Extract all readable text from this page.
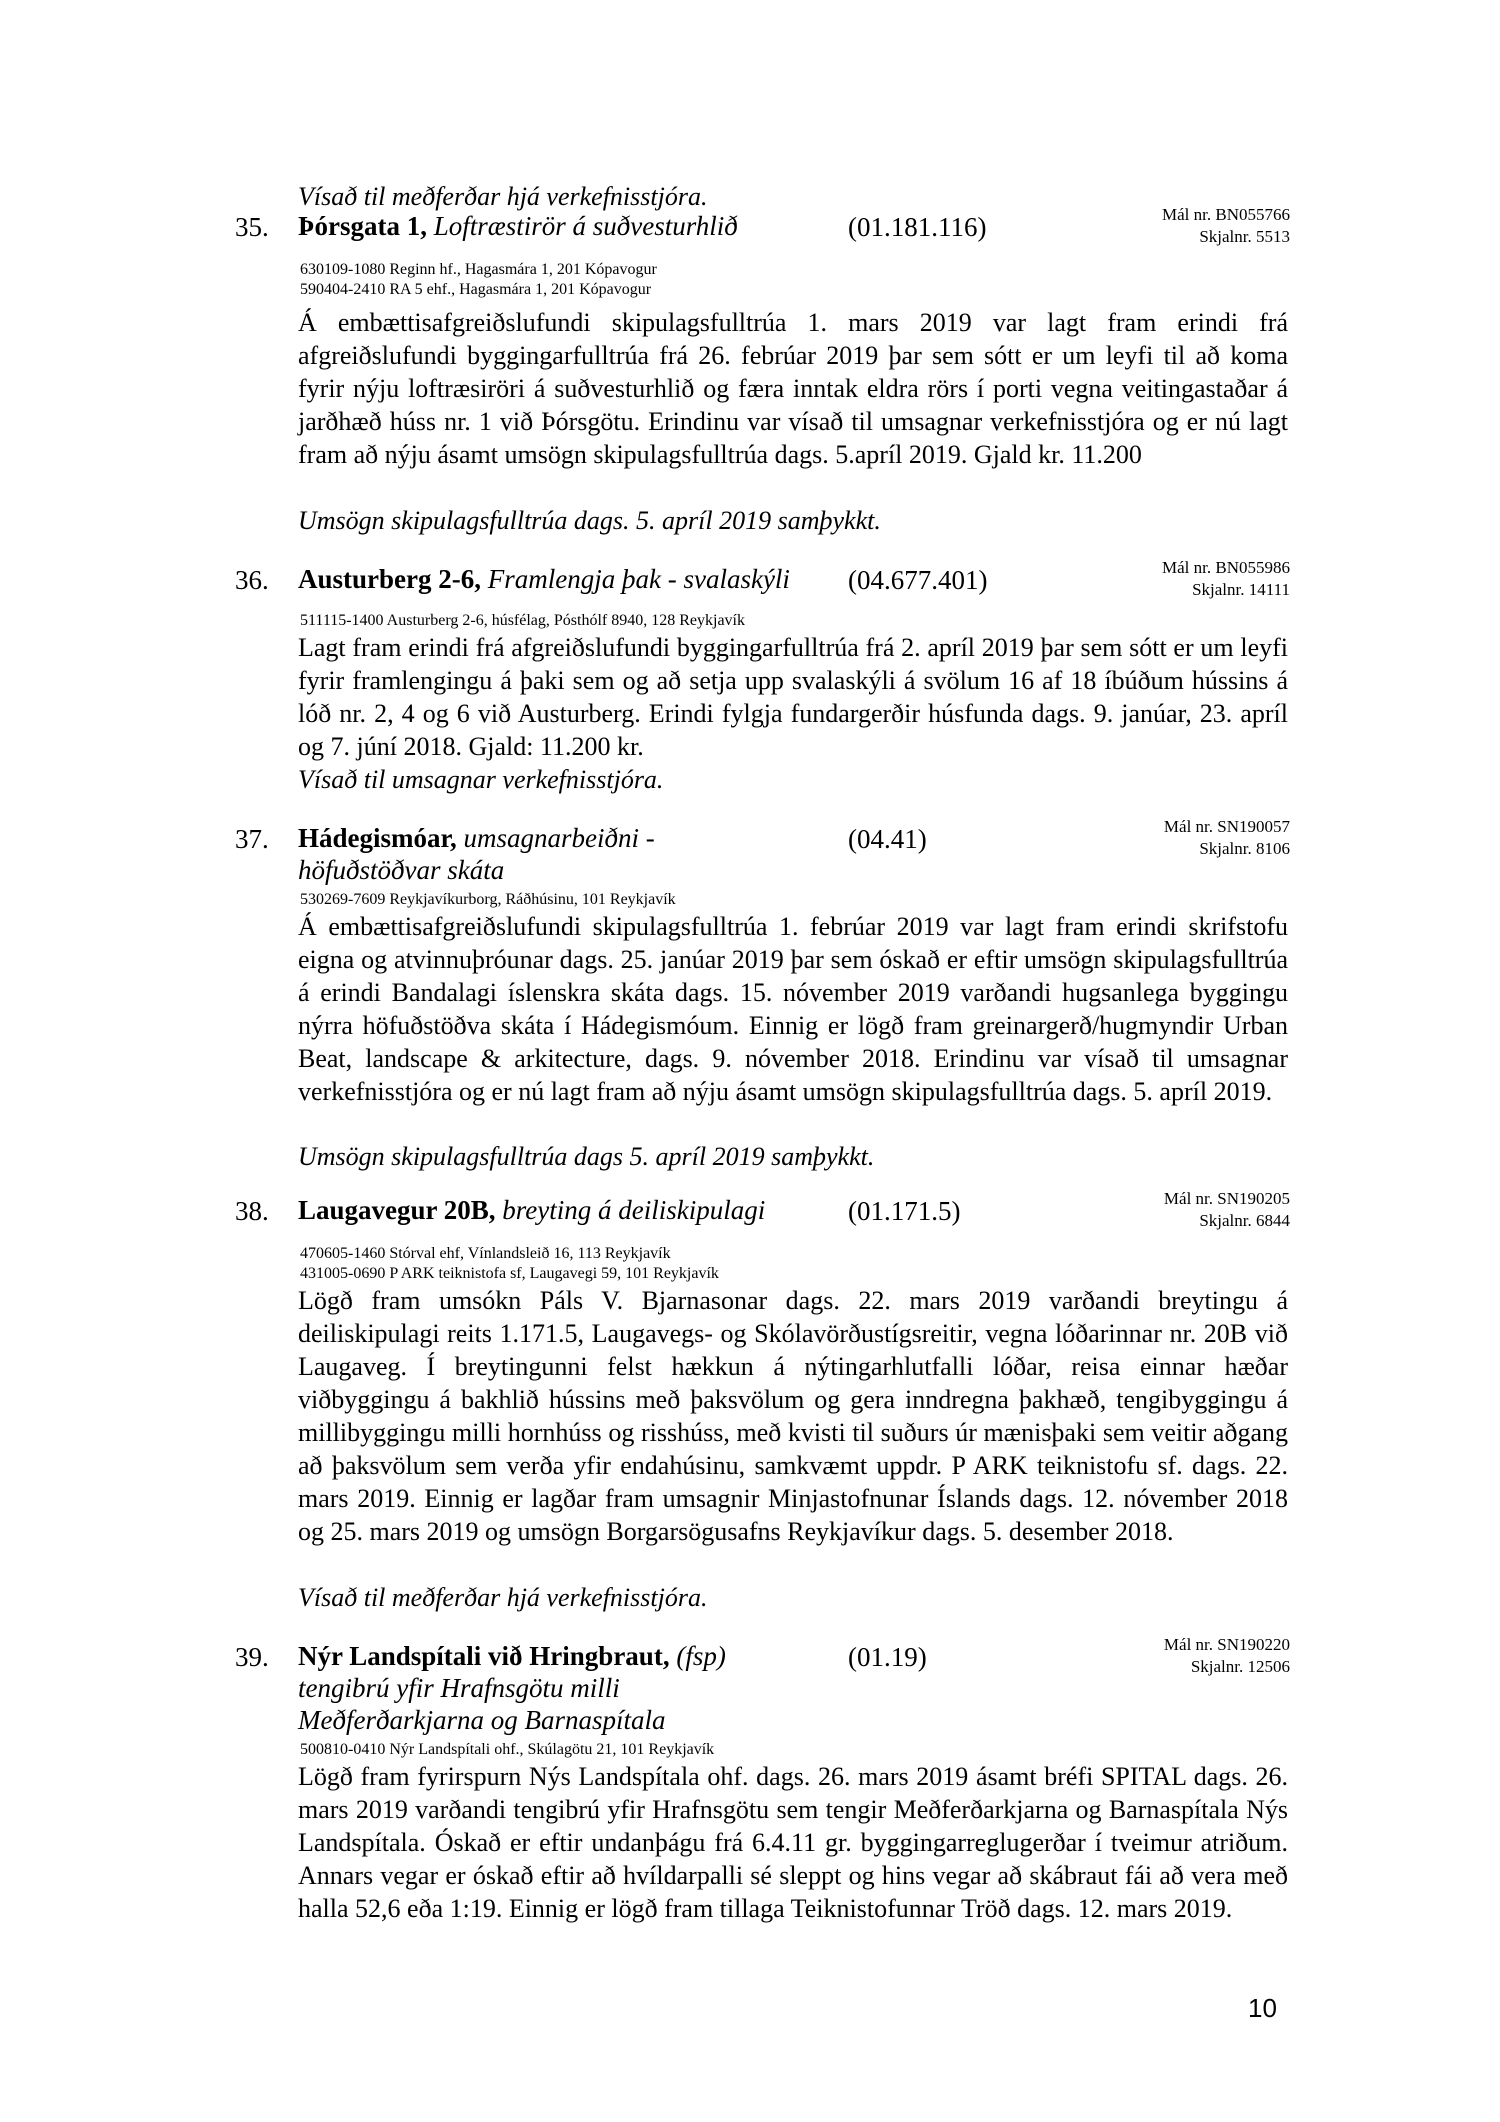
Vísað til meðferðar hjá verkefnisstjóra.
35. Þórsgata 1, Loftræstirör á suðvesturhlið	(01.181.116)	Mál nr. BN055766
Skjalnr. 5513
630109-1080 Reginn hf., Hagasmára 1, 201 Kópavogur
590404-2410 RA 5 ehf., Hagasmára 1, 201 Kópavogur
Á embættisafgreiðslufundi skipulagsfulltrúa 1. mars 2019 var lagt fram erindi frá afgreiðslufundi byggingarfulltrúa frá 26. febrúar 2019 þar sem sótt er um leyfi til að koma fyrir nýju loftræsiröri á suðvesturhlið og færa inntak eldra rörs í porti vegna veitingastaðar á jarðhæð húss nr. 1 við Þórsgötu. Erindinu var vísað til umsagnar verkefnisstjóra og er nú lagt fram að nýju ásamt umsögn skipulagsfulltrúa dags. 5.apríl 2019. Gjald kr. 11.200
Umsögn skipulagsfulltrúa dags. 5. apríl 2019 samþykkt.
36. Austurberg 2-6, Framlengja þak - svalaskýli	(04.677.401)	Mál nr. BN055986
Skjalnr. 14111
511115-1400 Austurberg 2-6, húsfélag, Pósthólf 8940, 128 Reykjavík
Lagt fram erindi frá afgreiðslufundi byggingarfulltrúa frá 2. apríl 2019 þar sem sótt er um leyfi fyrir framlengingu á þaki sem og að setja upp svalaskýli á svölum 16 af 18 íbúðum hússins á lóð nr. 2, 4 og 6 við Austurberg. Erindi fylgja fundargerðir húsfunda dags. 9. janúar, 23. apríl og 7. júní 2018. Gjald: 11.200 kr.
Vísað til umsagnar verkefnisstjóra.
37. Hádegismóar, umsagnarbeiðni -
höfuðstöðvar skáta
(04.41)	Mál nr. SN190057
Skjalnr. 8106
530269-7609 Reykjavíkurborg, Ráðhúsinu, 101 Reykjavík
Á embættisafgreiðslufundi skipulagsfulltrúa 1. febrúar 2019 var lagt fram erindi skrifstofu eigna og atvinnuþróunar dags. 25. janúar 2019 þar sem óskað er eftir umsögn skipulagsfulltrúa á erindi Bandalagi íslenskra skáta dags. 15. nóvember 2019 varðandi hugsanlega byggingu nýrra höfuðstöðva skáta í Hádegismóum. Einnig er lögð fram greinargerð/hugmyndir Urban Beat, landscape & arkitecture, dags. 9. nóvember 2018. Erindinu var vísað til umsagnar verkefnisstjóra og er nú lagt fram að nýju ásamt umsögn skipulagsfulltrúa dags. 5. apríl 2019.
Umsögn skipulagsfulltrúa dags 5. apríl 2019 samþykkt.
38. Laugavegur 20B, breyting á deiliskipulagi	(01.171.5)	Mál nr. SN190205
Skjalnr. 6844
470605-1460 Stórval ehf, Vínlandsleið 16, 113 Reykjavík
431005-0690 P ARK teiknistofa sf, Laugavegi 59, 101 Reykjavík
Lögð fram umsókn Páls V. Bjarnasonar dags. 22. mars 2019 varðandi breytingu á deiliskipulagi reits 1.171.5, Laugavegs- og Skólavörðustígsreitir, vegna lóðarinnar nr. 20B við Laugaveg. Í breytingunni felst hækkun á nýtingarhlutfalli lóðar, reisa einnar hæðar viðbyggingu á bakhlið hússins með þaksvölum og gera inndregna þakhæð, tengibyggingu á millibyggingu milli hornhúss og risshúss, með kvisti til suðurs úr mænisþaki sem veitir aðgang að þaksvölum sem verða yfir endahúsinu, samkvæmt uppdr. P ARK teiknistofu sf. dags. 22. mars 2019. Einnig er lagðar fram umsagnir Minjastofnunar Íslands dags. 12. nóvember 2018 og 25. mars 2019 og umsögn Borgarsögusafns Reykjavíkur dags. 5. desember 2018.
Vísað til meðferðar hjá verkefnisstjóra.
39. Nýr Landspítali við Hringbraut, (fsp)
tengibrú yfir Hrafnsgötu milli Meðferðarkjarna og Barnaspítala
(01.19)	Mál nr. SN190220
Skjalnr. 12506
500810-0410 Nýr Landspítali ohf., Skúlagötu 21, 101 Reykjavík
Lögð fram fyrirspurn Nýs Landspítala ohf. dags. 26. mars 2019 ásamt bréfi SPITAL dags. 26. mars 2019 varðandi tengibrú yfir Hrafnsgötu sem tengir Meðferðarkjarna og Barnaspítala Nýs Landspítala. Óskað er eftir undanþágu frá 6.4.11 gr. byggingarreglugerðar í tveimur atriðum. Annars vegar er óskað eftir að hvíldarpalli sé sleppt og hins vegar að skábraut fái að vera með halla 52,6 eða 1:19. Einnig er lögð fram tillaga Teiknistofunnar Tröð dags. 12. mars 2019.
10
